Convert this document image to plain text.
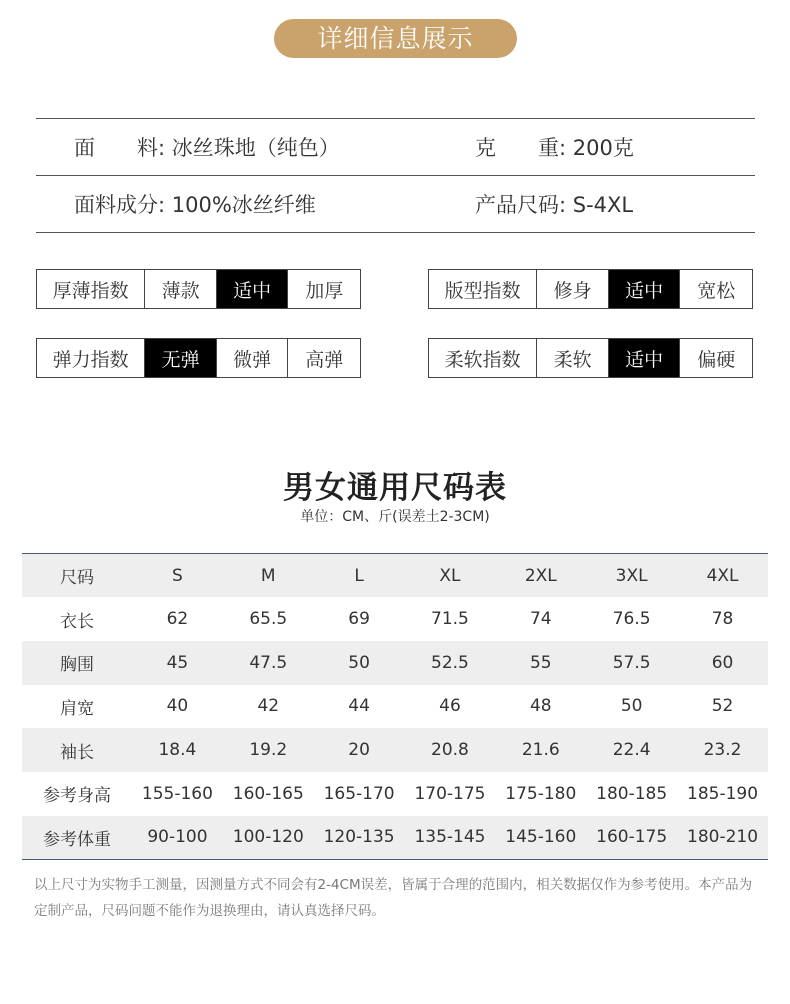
详细信息展示
面　　料: 冰丝珠地（纯色）	克　　重: 200克
面料成分: 100%冰丝纤维	产品尺码: S-4XL
厚薄指数	薄款	适中	加厚	版型指数	修身	适中	宽松
弹力指数	无弹	微弹	高弹	柔软指数	柔软	适中	偏硬
男女通用尺码表
单位：CM、斤(误差土2-3CM)
尺码	S	M	L	XL	2XL	3XL	4XL
衣长	62	65.5	69	71.5	74	76.5	78
胸围	45	47.5	50	52.5	55	57.5	60
肩宽	40	42	44	46	48	50	52
袖长	18.4	19.2	20	20.8	21.6	22.4	23.2
参考身高	155-160	160-165	165-170	170-175	175-180	180-185	185-190
参考体重	90-100	100-120	120-135	135-145	145-160	160-175	180-210
以上尺寸为实物手工测量，因测量方式不同会有2-4CM误差，皆属于合理的范围内，相关数据仅作为参考使用。本产品为定制产品，尺码问题不能作为退换理由，请认真选择尺码。
